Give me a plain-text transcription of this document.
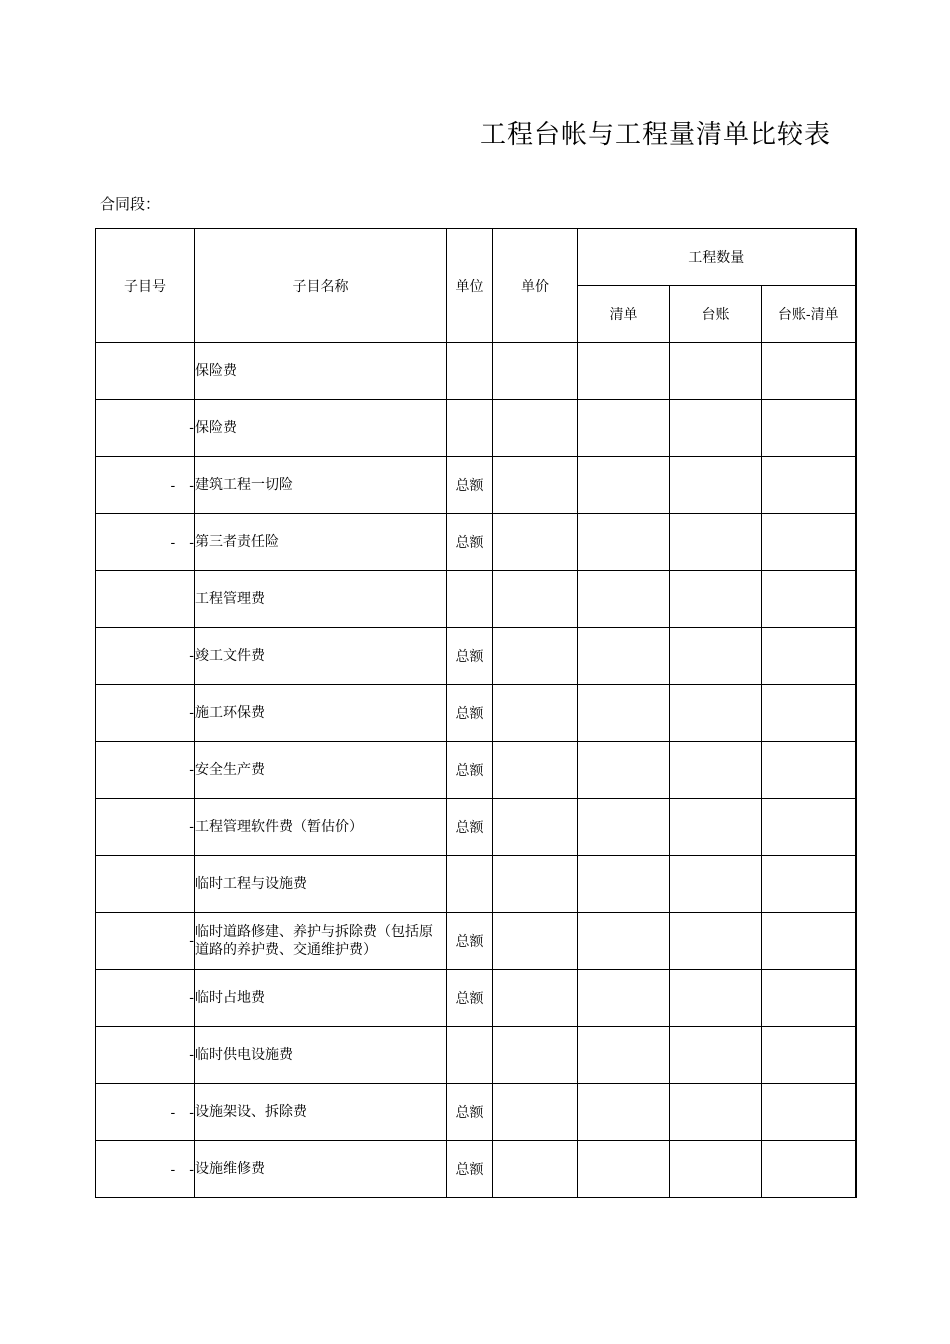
工程台帐与工程量清单比较表
合同段：
子目号	子目名称	单位	单价	工程数量		
				清单	台账	台账-清单
	保险费					
-	保险费					
-　-	建筑工程一切险	总额				
-　-	第三者责任险	总额				
	工程管理费					
-	竣工文件费	总额				
-	施工环保费	总额				
-	安全生产费	总额				
-	工程管理软件费（暂估价）	总额				
	临时工程与设施费					
-	临时道路修建、养护与拆除费（包括原道路的养护费、交通维护费）	总额				
-	临时占地费	总额				
-	临时供电设施费					
-　-	设施架设、拆除费	总额				
-　-	设施维修费	总额				
